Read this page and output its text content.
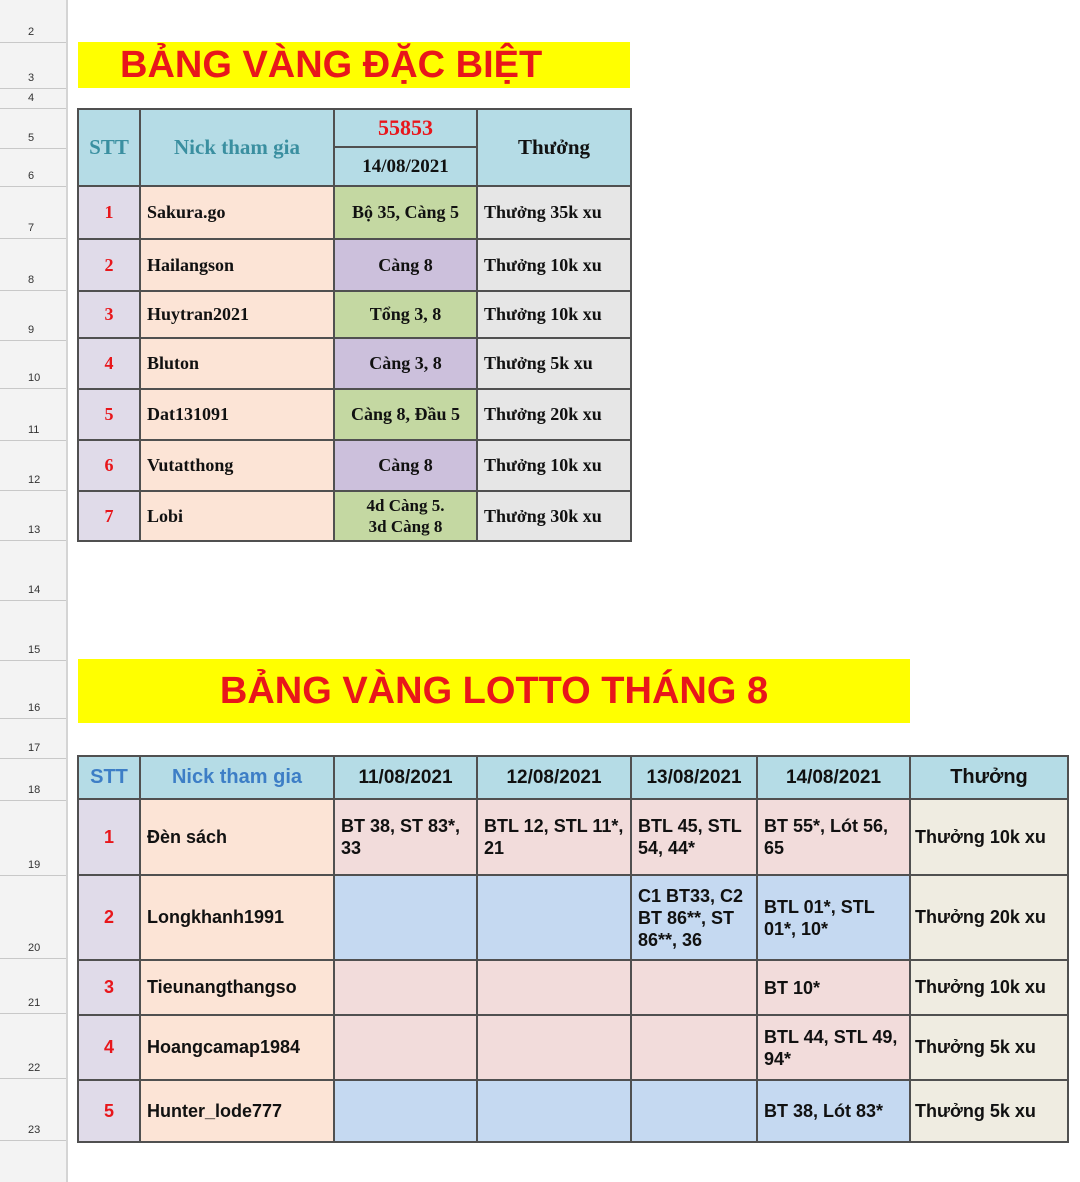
2
3
4
5
6
7
8
9
10
11
12
13
14
15
16
17
18
19
20
21
22
23
BẢNG VÀNG ĐẶC BIỆT
STT	Nick tham gia	55853	Thưởng
		14/08/2021	
1	Sakura.go	Bộ 35, Càng 5	Thưởng 35k xu
2	Hailangson	Càng 8	Thưởng 10k xu
3	Huytran2021	Tổng 3, 8	Thưởng 10k xu
4	Bluton	Càng 3, 8	Thưởng 5k xu
5	Dat131091	Càng 8, Đầu 5	Thưởng 20k xu
6	Vutatthong	Càng 8	Thưởng 10k xu
7	Lobi	4d Càng 5.
3d Càng 8	Thưởng 30k xu
BẢNG VÀNG LOTTO THÁNG 8
STT	Nick tham gia	11/08/2021	12/08/2021	13/08/2021	14/08/2021	Thưởng
1	Đèn sách	BT 38, ST 83*, 33	BTL 12, STL 11*, 21	BTL 45, STL 54, 44*	BT 55*, Lót 56, 65	Thưởng 10k xu
2	Longkhanh1991			C1 BT33, C2 BT 86**, ST 86**, 36	BTL 01*, STL 01*, 10*	Thưởng 20k xu
3	Tieunangthangso				BT 10*	Thưởng 10k xu
4	Hoangcamap1984				BTL 44, STL 49, 94*	Thưởng 5k xu
5	Hunter_lode777				BT 38, Lót 83*	Thưởng 5k xu
